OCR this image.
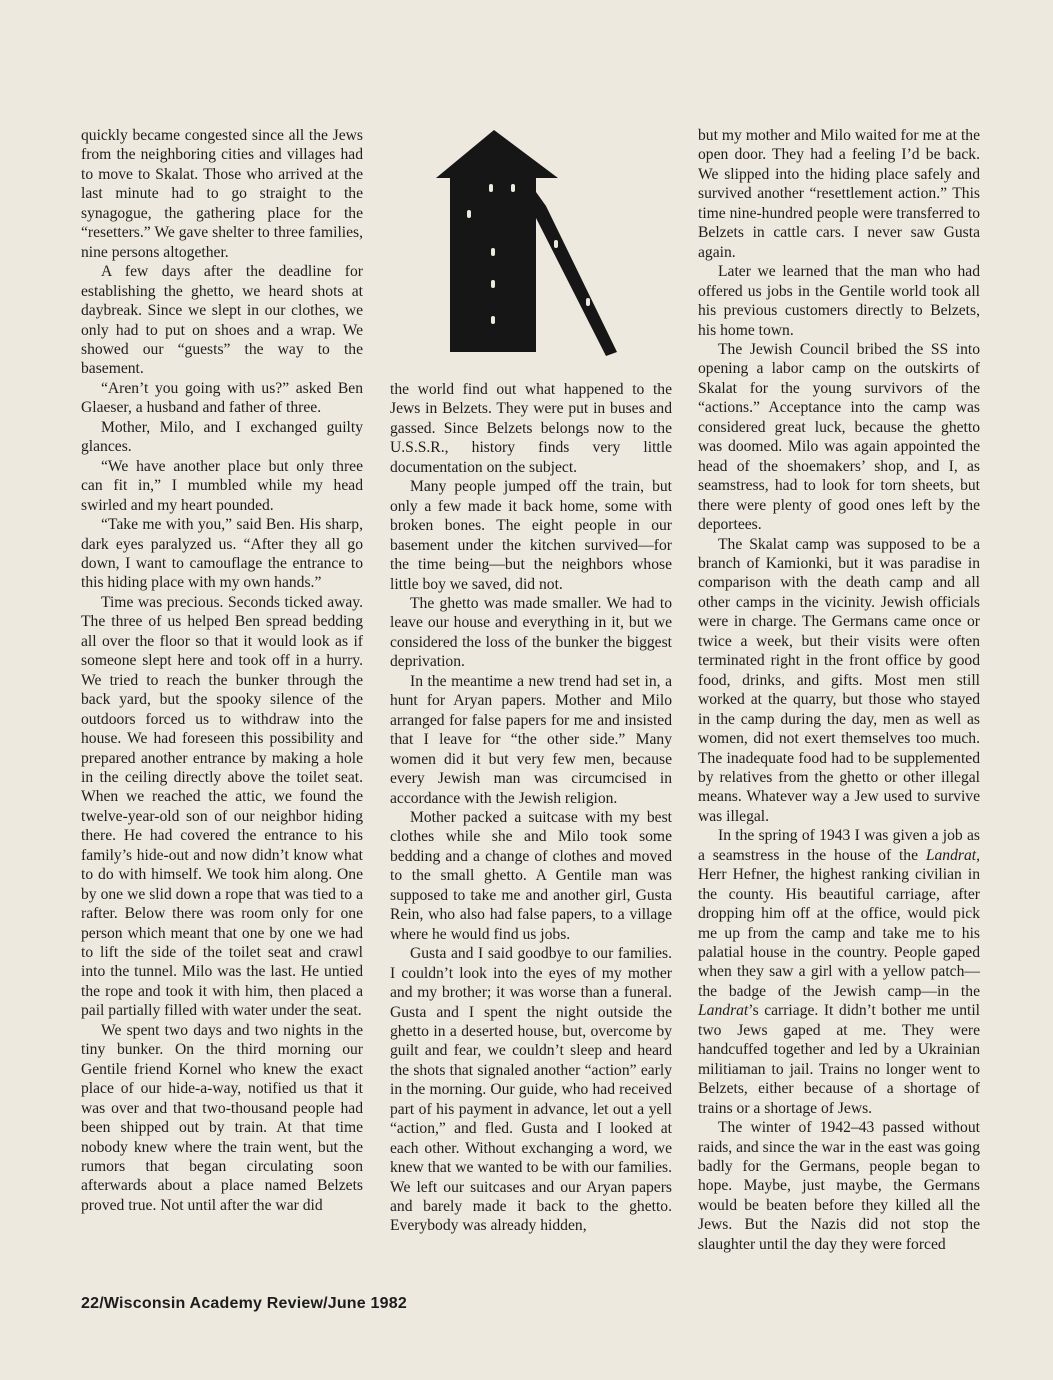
quickly became congested since all the Jews from the neighboring cities and villages had to move to Skalat. Those who arrived at the last minute had to go straight to the synagogue, the gathering place for the “resetters.” We gave shelter to three families, nine persons altogether.

A few days after the deadline for establishing the ghetto, we heard shots at daybreak. Since we slept in our clothes, we only had to put on shoes and a wrap. We showed our “guests” the way to the basement.

“Aren’t you going with us?” asked Ben Glaeser, a husband and father of three.

Mother, Milo, and I exchanged guilty glances.

“We have another place but only three can fit in,” I mumbled while my head swirled and my heart pounded.

“Take me with you,” said Ben. His sharp, dark eyes paralyzed us. “After they all go down, I want to camouflage the entrance to this hiding place with my own hands.”

Time was precious. Seconds ticked away. The three of us helped Ben spread bedding all over the floor so that it would look as if someone slept here and took off in a hurry. We tried to reach the bunker through the back yard, but the spooky silence of the outdoors forced us to withdraw into the house. We had foreseen this possibility and prepared another entrance by making a hole in the ceiling directly above the toilet seat. When we reached the attic, we found the twelve-year-old son of our neighbor hiding there. He had covered the entrance to his family’s hide-out and now didn’t know what to do with himself. We took him along. One by one we slid down a rope that was tied to a rafter. Below there was room only for one person which meant that one by one we had to lift the side of the toilet seat and crawl into the tunnel. Milo was the last. He untied the rope and took it with him, then placed a pail partially filled with water under the seat.

We spent two days and two nights in the tiny bunker. On the third morning our Gentile friend Kornel who knew the exact place of our hide-a-way, notified us that it was over and that two-thousand people had been shipped out by train. At that time nobody knew where the train went, but the rumors that began circulating soon afterwards about a place named Belzets proved true. Not until after the war did

the world find out what happened to the Jews in Belzets. They were put in buses and gassed. Since Belzets belongs now to the U.S.S.R., history finds very little documentation on the subject.

Many people jumped off the train, but only a few made it back home, some with broken bones. The eight people in our basement under the kitchen survived—for the time being—but the neighbors whose little boy we saved, did not.

The ghetto was made smaller. We had to leave our house and everything in it, but we considered the loss of the bunker the biggest deprivation.

In the meantime a new trend had set in, a hunt for Aryan papers. Mother and Milo arranged for false papers for me and insisted that I leave for “the other side.” Many women did it but very few men, because every Jewish man was circumcised in accordance with the Jewish religion.

Mother packed a suitcase with my best clothes while she and Milo took some bedding and a change of clothes and moved to the small ghetto. A Gentile man was supposed to take me and another girl, Gusta Rein, who also had false papers, to a village where he would find us jobs.

Gusta and I said goodbye to our families. I couldn’t look into the eyes of my mother and my brother; it was worse than a funeral. Gusta and I spent the night outside the ghetto in a deserted house, but, overcome by guilt and fear, we couldn’t sleep and heard the shots that signaled another “action” early in the morning. Our guide, who had received part of his payment in advance, let out a yell “action,” and fled. Gusta and I looked at each other. Without exchanging a word, we knew that we wanted to be with our families. We left our suitcases and our Aryan papers and barely made it back to the ghetto. Everybody was already hidden,

but my mother and Milo waited for me at the open door. They had a feeling I’d be back. We slipped into the hiding place safely and survived another “resettlement action.” This time nine-hundred people were transferred to Belzets in cattle cars. I never saw Gusta again.

Later we learned that the man who had offered us jobs in the Gentile world took all his previous customers directly to Belzets, his home town.

The Jewish Council bribed the SS into opening a labor camp on the outskirts of Skalat for the young survivors of the “actions.” Acceptance into the camp was considered great luck, because the ghetto was doomed. Milo was again appointed the head of the shoemakers’ shop, and I, as seamstress, had to look for torn sheets, but there were plenty of good ones left by the deportees.

The Skalat camp was supposed to be a branch of Kamionki, but it was paradise in comparison with the death camp and all other camps in the vicinity. Jewish officials were in charge. The Germans came once or twice a week, but their visits were often terminated right in the front office by good food, drinks, and gifts. Most men still worked at the quarry, but those who stayed in the camp during the day, men as well as women, did not exert themselves too much. The inadequate food had to be supplemented by relatives from the ghetto or other illegal means. Whatever way a Jew used to survive was illegal.

In the spring of 1943 I was given a job as a seamstress in the house of the Landrat, Herr Hefner, the highest ranking civilian in the county. His beautiful carriage, after dropping him off at the office, would pick me up from the camp and take me to his palatial house in the country. People gaped when they saw a girl with a yellow patch—the badge of the Jewish camp—in the Landrat’s carriage. It didn’t bother me until two Jews gaped at me. They were handcuffed together and led by a Ukrainian militiaman to jail. Trains no longer went to Belzets, either because of a shortage of trains or a shortage of Jews.

The winter of 1942–43 passed without raids, and since the war in the east was going badly for the Germans, people began to hope. Maybe, just maybe, the Germans would be beaten before they killed all the Jews. But the Nazis did not stop the slaughter until the day they were forced

22/Wisconsin Academy Review/June 1982
